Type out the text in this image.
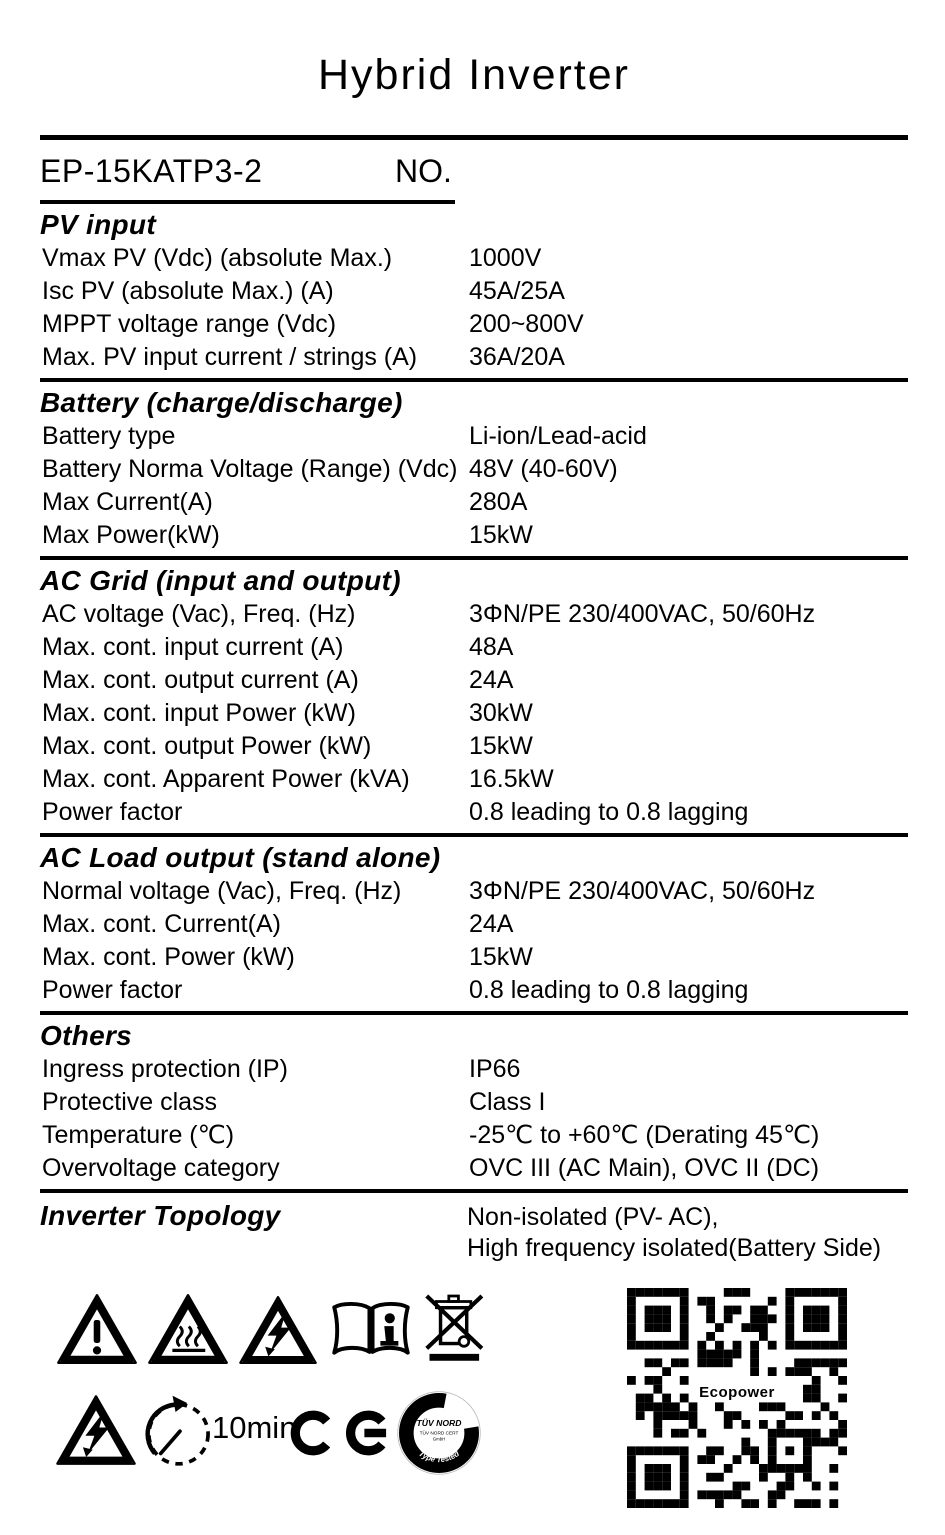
Hybrid Inverter
EP-15KATP3-2	NO.
PV input
Vmax PV (Vdc) (absolute Max.)	1000V
Isc PV (absolute Max.) (A)	45A/25A
MPPT voltage range (Vdc)	200~800V
Max. PV input current / strings (A)	36A/20A
Battery (charge/discharge)
Battery type	Li-ion/Lead-acid
Battery Norma Voltage (Range) (Vdc) 48V (40-60V)
Max Current(A)	280A
Max Power(kW)	15kW
AC Grid (input and output)
AC voltage (Vac), Freq. (Hz)	3ΦN/PE 230/400VAC, 50/60Hz
Max. cont. input current (A)	48A
Max. cont. output current (A)	24A
Max. cont. input Power (kW)	30kW
Max. cont. output Power (kW)	15kW
Max. cont. Apparent Power (kVA)	16.5kW
Power factor	0.8 leading to 0.8 lagging
AC Load output (stand alone)
Normal voltage (Vac), Freq. (Hz)	3ΦN/PE 230/400VAC, 50/60Hz
Max. cont. Current(A)	24A
Max. cont. Power (kW)	15kW
Power factor	0.8 leading to 0.8 lagging
Others
Ingress protection (IP)	IP66
Protective class	Class I
Temperature (℃)	-25℃ to +60℃ (Derating 45℃)
Overvoltage category	OVC III (AC Main), OVC II (DC)
Inverter Topology	Non-isolated (PV- AC),
High frequency isolated(Battery Side)
10min	TÜV NORD
TÜV NORD CERT
GmbH
Type Tested
Ecopower
